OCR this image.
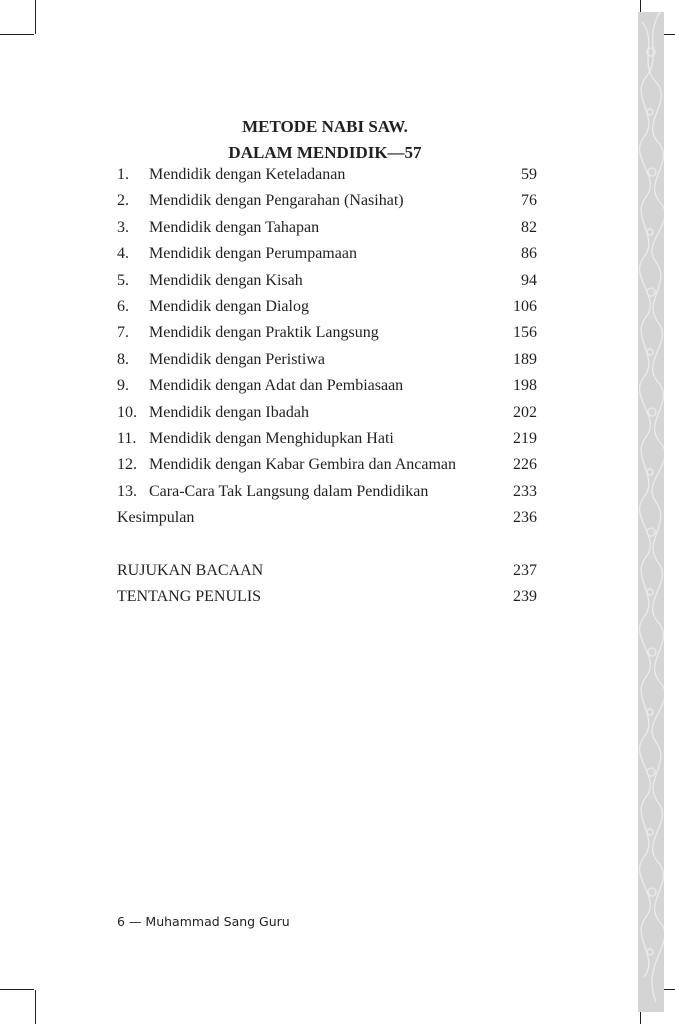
METODE NABI SAW.
DALAM MENDIDIK—57
1.	Mendidik dengan Keteladanan	59
2.	Mendidik dengan Pengarahan (Nasihat)	76
3.	Mendidik dengan Tahapan	82
4.	Mendidik dengan Perumpamaan	86
5.	Mendidik dengan Kisah	94
6.	Mendidik dengan Dialog	106
7.	Mendidik dengan Praktik Langsung	156
8.	Mendidik dengan Peristiwa	189
9.	Mendidik dengan Adat dan Pembiasaan	198
10. Mendidik dengan Ibadah	202
11. Mendidik dengan Menghidupkan Hati	219
12. Mendidik dengan Kabar Gembira dan Ancaman	226
13. Cara-Cara Tak Langsung dalam Pendidikan	233
Kesimpulan	236
RUJUKAN BACAAN	237
TENTANG PENULIS	239
6 — Muhammad Sang Guru
